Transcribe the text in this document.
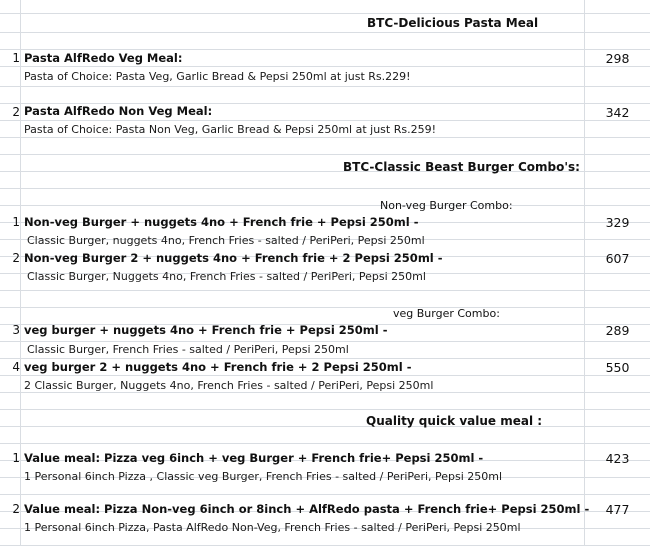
BTC-Delicious Pasta Meal
1 Pasta AlfRedo Veg Meal:	298
Pasta of Choice: Pasta Veg, Garlic Bread & Pepsi 250ml at just Rs.229!
2 Pasta AlfRedo Non Veg Meal:	342
Pasta of Choice: Pasta Non Veg, Garlic Bread & Pepsi 250ml at just Rs.259!
BTC-Classic Beast Burger Combo's:
Non-veg Burger Combo:
1 Non-veg Burger + nuggets 4no + French frie + Pepsi 250ml -	329
Classic Burger, nuggets 4no, French Fries - salted / PeriPeri, Pepsi 250ml
2 Non-veg Burger 2 + nuggets 4no + French frie + 2 Pepsi 250ml -	607
Classic Burger, Nuggets 4no, French Fries - salted / PeriPeri, Pepsi 250ml
veg Burger Combo:
3 veg burger + nuggets 4no + French frie + Pepsi 250ml -	289
Classic Burger, French Fries - salted / PeriPeri, Pepsi 250ml
4 veg burger 2 + nuggets 4no + French frie + 2 Pepsi 250ml -	550
2 Classic Burger, Nuggets 4no, French Fries - salted / PeriPeri, Pepsi 250ml
Quality quick value meal :
1 Value meal: Pizza veg 6inch + veg Burger + French frie+ Pepsi 250ml -	423
1 Personal 6inch Pizza , Classic veg Burger, French Fries - salted / PeriPeri, Pepsi 250ml
2 Value meal: Pizza Non-veg 6inch or 8inch + AlfRedo pasta + French frie+ Pepsi 250ml -	477
1 Personal 6inch Pizza, Pasta AlfRedo Non-Veg, French Fries - salted / PeriPeri, Pepsi 250ml
